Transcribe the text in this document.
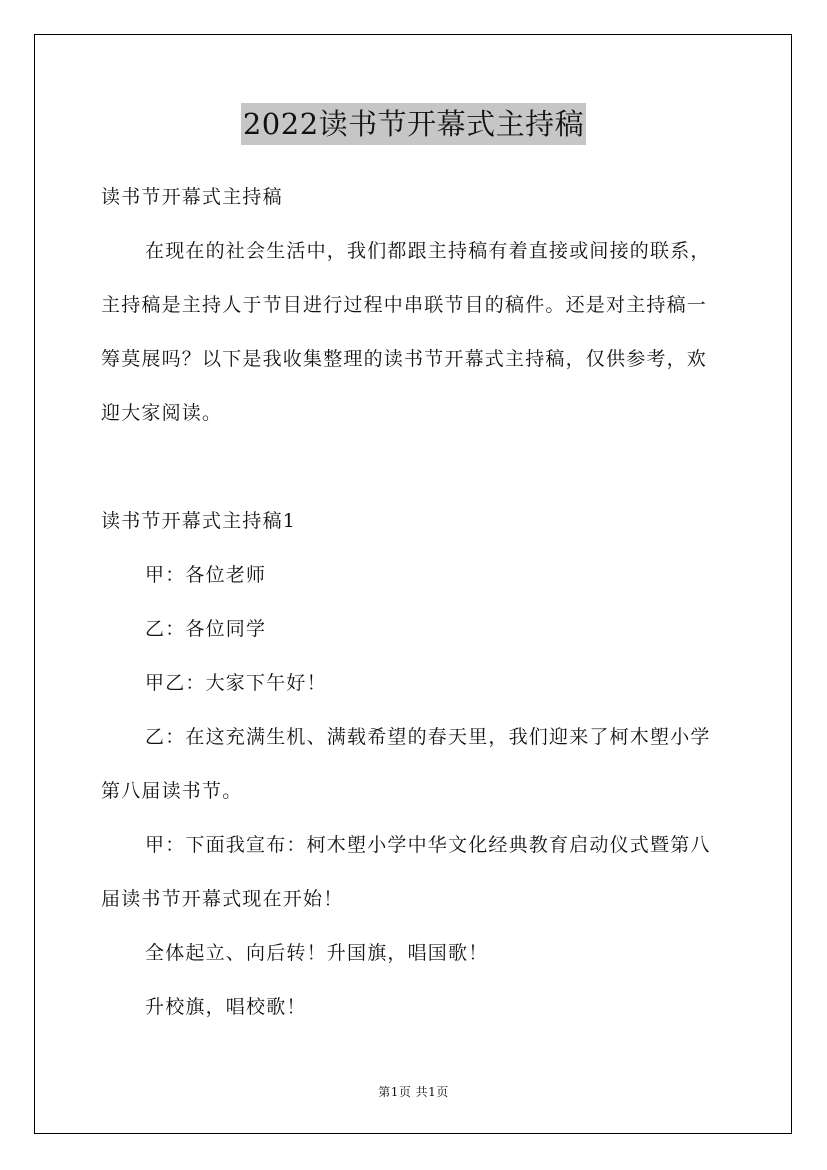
2022读书节开幕式主持稿
读书节开幕式主持稿
在现在的社会生活中，我们都跟主持稿有着直接或间接的联系，主持稿是主持人于节目进行过程中串联节目的稿件。还是对主持稿一筹莫展吗？以下是我收集整理的读书节开幕式主持稿，仅供参考，欢迎大家阅读。
读书节开幕式主持稿1
甲：各位老师
乙：各位同学
甲乙：大家下午好！
乙：在这充满生机、满载希望的春天里，我们迎来了柯木塱小学第八届读书节。
甲：下面我宣布：柯木塱小学中华文化经典教育启动仪式暨第八届读书节开幕式现在开始！
全体起立、向后转！升国旗，唱国歌！
升校旗，唱校歌！
第1页 共1页
